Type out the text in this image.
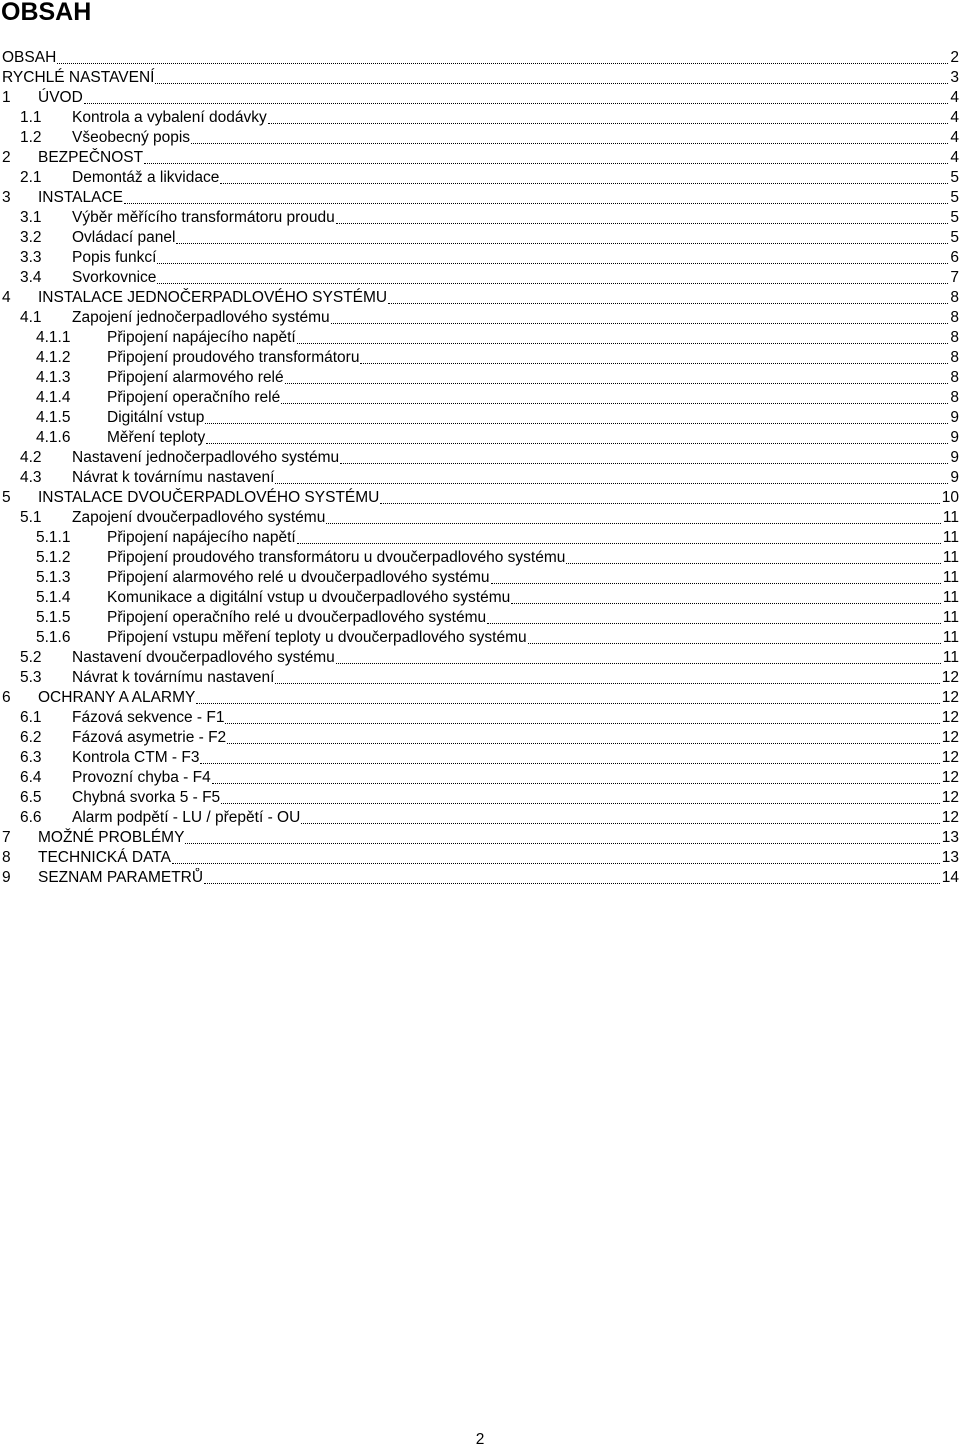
OBSAH
OBSAH	2
RYCHLÉ NASTAVENÍ	3
1	ÚVOD	4
1.1	Kontrola a vybalení dodávky	4
1.2	Všeobecný popis	4
2	BEZPEČNOST	4
2.1	Demontáž a likvidace	5
3	INSTALACE	5
3.1	Výběr měřícího transformátoru proudu	5
3.2	Ovládací panel	5
3.3	Popis funkcí	6
3.4	Svorkovnice	7
4	INSTALACE JEDNOČERPADLOVÉHO SYSTÉMU	8
4.1	Zapojení jednočerpadlového systému	8
4.1.1	Připojení napájecího napětí	8
4.1.2	Připojení proudového transformátoru	8
4.1.3	Připojení alarmového relé	8
4.1.4	Připojení operačního relé	8
4.1.5	Digitální vstup	9
4.1.6	Měření teploty	9
4.2	Nastavení jednočerpadlového systému	9
4.3	Návrat k továrnímu nastavení	9
5	INSTALACE DVOUČERPADLOVÉHO SYSTÉMU	10
5.1	Zapojení dvoučerpadlového systému	11
5.1.1	Připojení napájecího napětí	11
5.1.2	Připojení proudového transformátoru u dvoučerpadlového systému	11
5.1.3	Připojení alarmového relé u dvoučerpadlového systému	11
5.1.4	Komunikace a digitální vstup u dvoučerpadlového systému	11
5.1.5	Připojení operačního relé u dvoučerpadlového systému	11
5.1.6	Připojení vstupu měření teploty u dvoučerpadlového systému	11
5.2	Nastavení dvoučerpadlového systému	11
5.3	Návrat k továrnímu nastavení	12
6	OCHRANY A ALARMY	12
6.1	Fázová sekvence - F1	12
6.2	Fázová asymetrie - F2	12
6.3	Kontrola CTM - F3	12
6.4	Provozní chyba - F4	12
6.5	Chybná svorka 5 - F5	12
6.6	Alarm podpětí - LU / přepětí - OU	12
7	MOŽNÉ PROBLÉMY	13
8	TECHNICKÁ DATA	13
9	SEZNAM PARAMETRŮ	14
2
